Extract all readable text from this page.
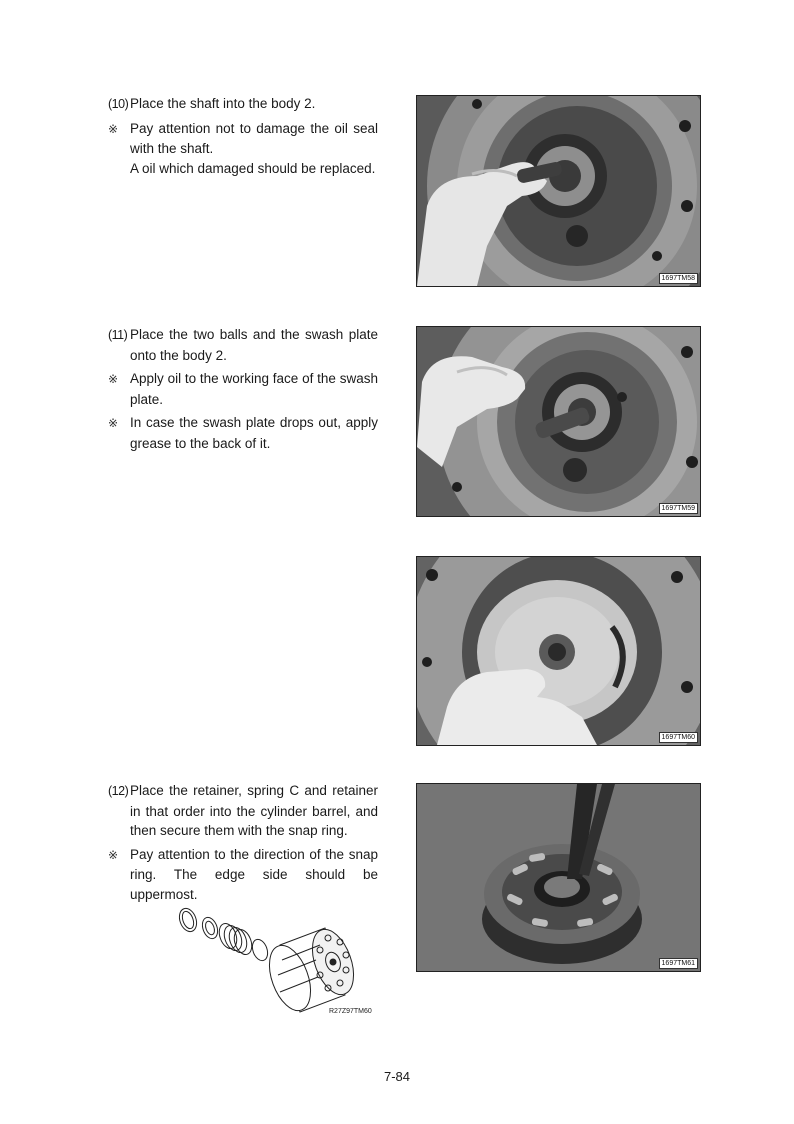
(10) Place the shaft into the body 2.

※ Pay attention not to damage the oil seal with the shaft.

A oil which damaged should be replaced.

(11) Place the two balls and the swash plate onto the body 2.

※ Apply oil to the working face of the swash plate.

※ In case the swash plate drops out, apply grease to the back of it.

(12) Place the retainer, spring C and retainer in that order into the cylinder barrel, and then secure them with the snap ring.

※ Pay attention to the direction of the snap ring. The edge side should be uppermost.

1697TM58
1697TM59
1697TM60
1697TM61
R27Z97TM60
7-84
